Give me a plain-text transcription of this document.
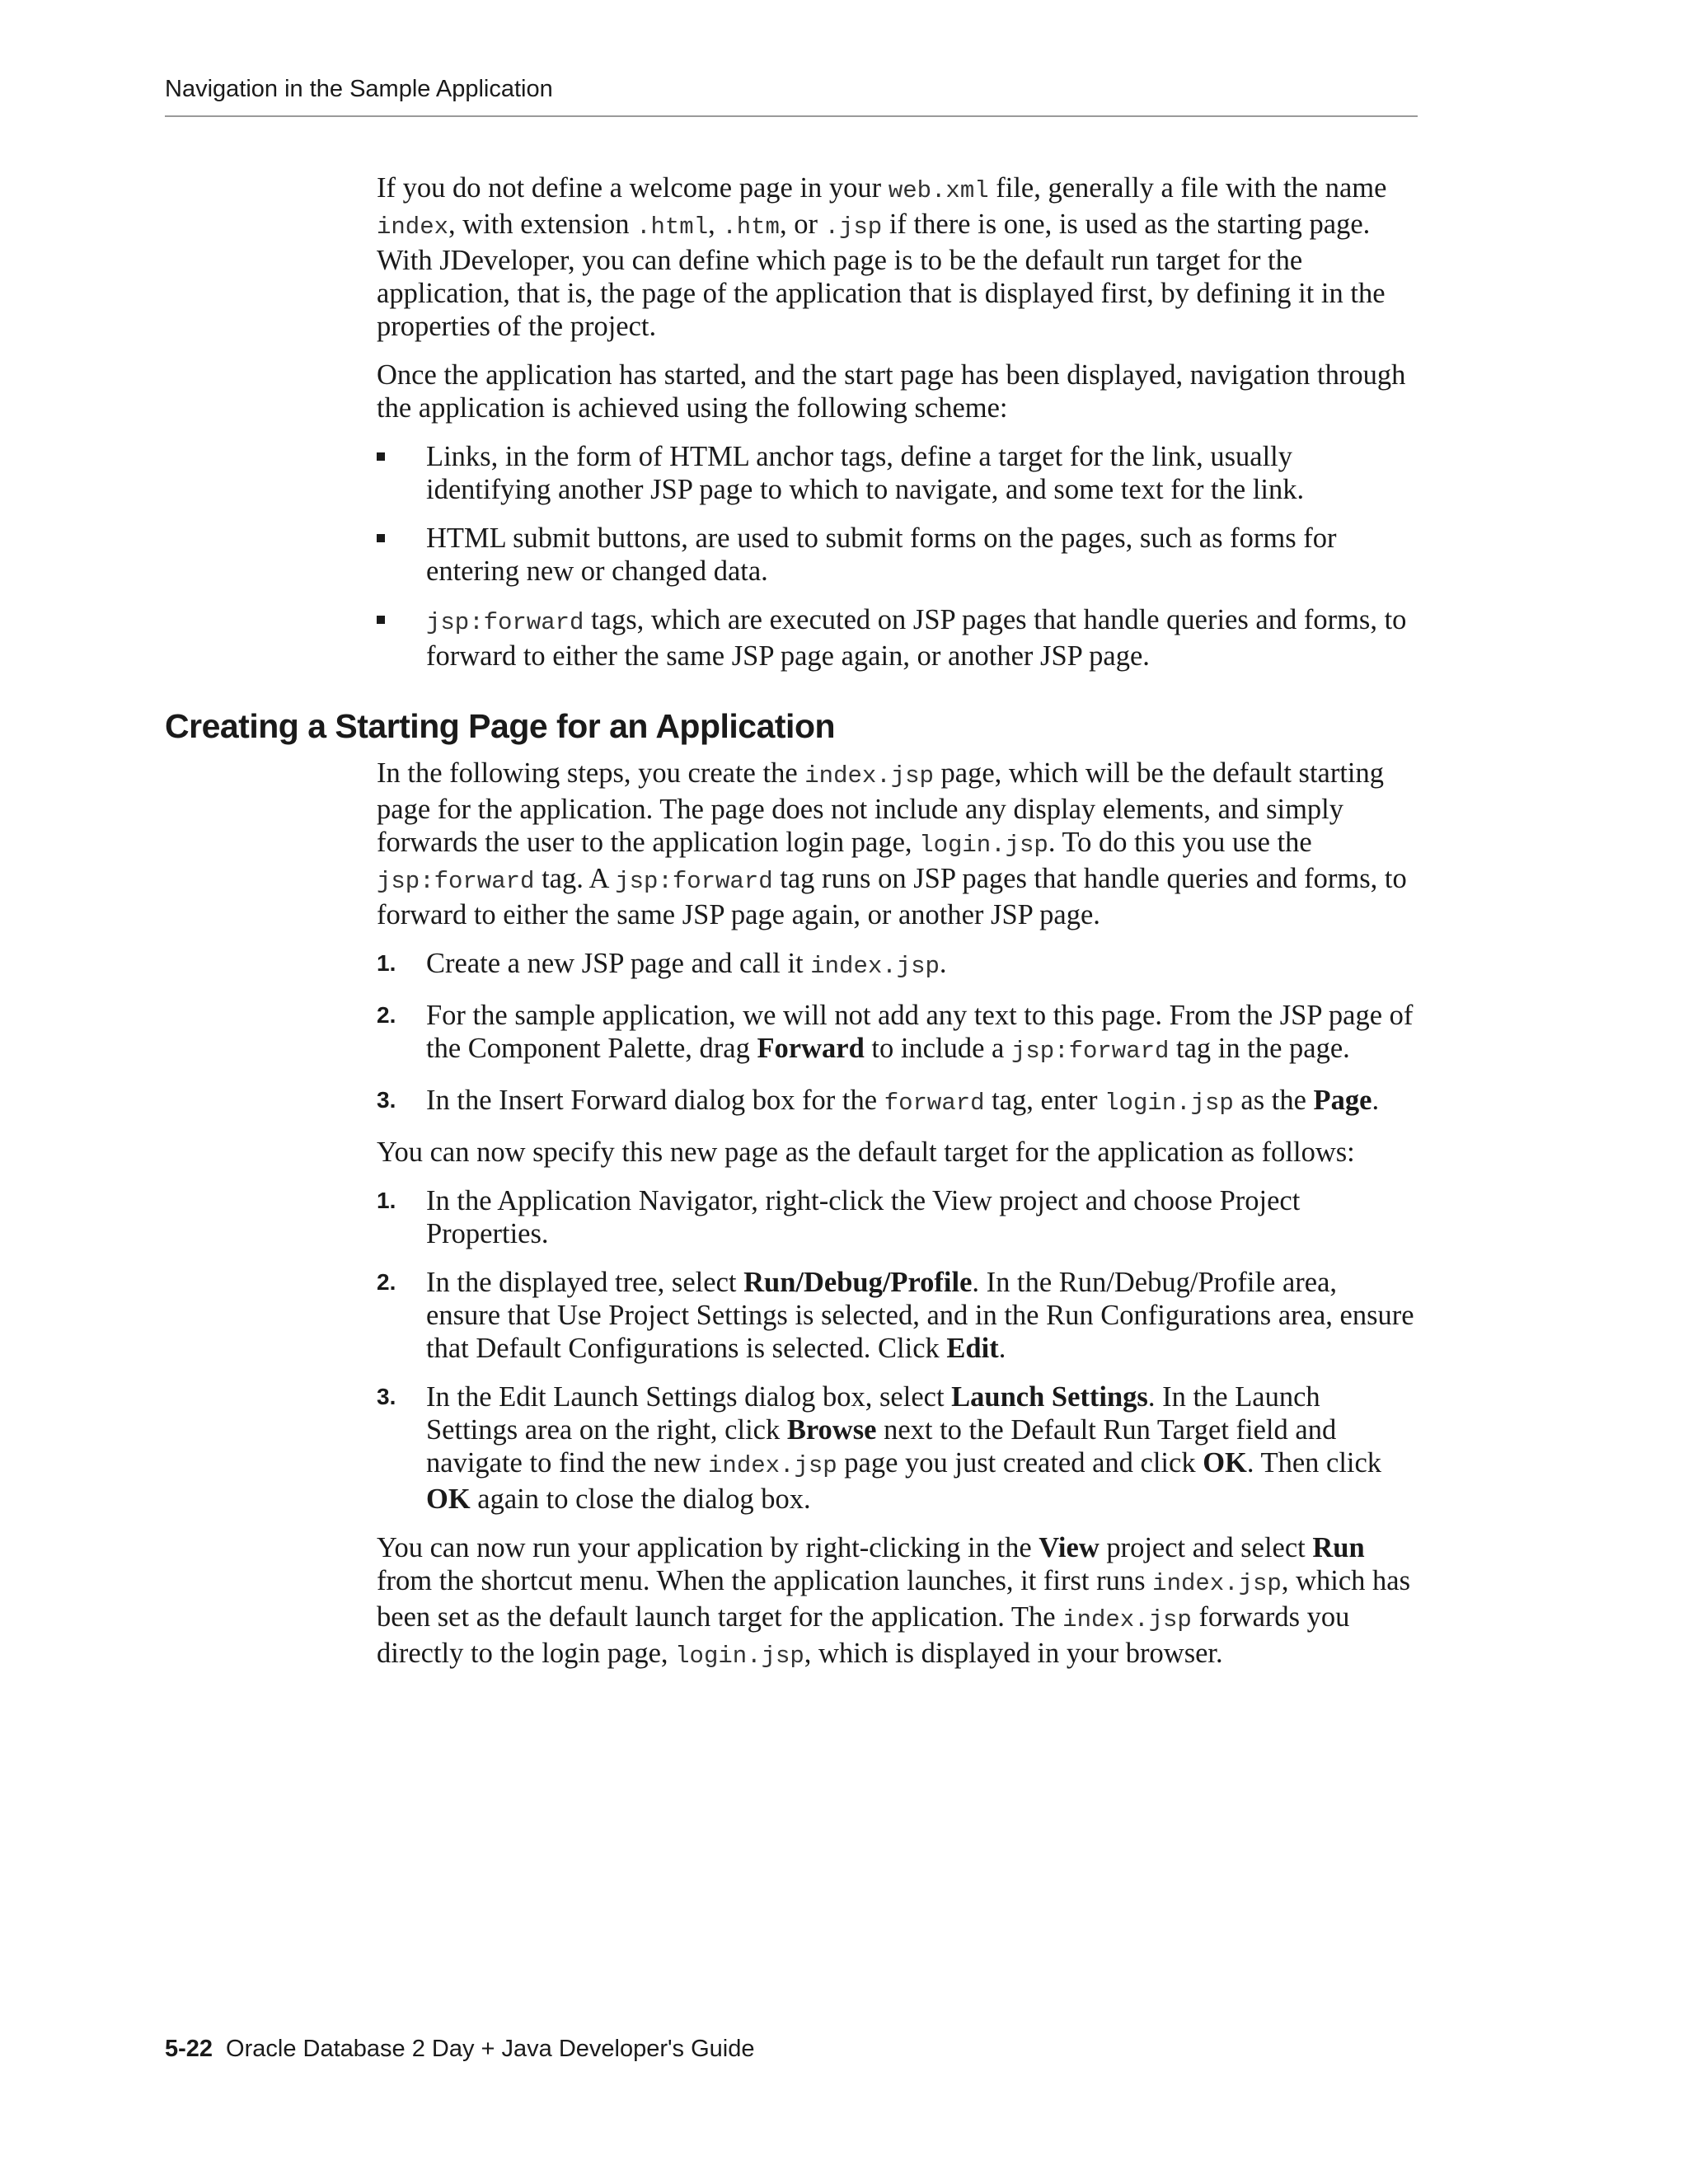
Navigation in the Sample Application

If you do not define a welcome page in your web.xml file, generally a file with the name index, with extension .html, .htm, or .jsp if there is one, is used as the starting page. With JDeveloper, you can define which page is to be the default run target for the application, that is, the page of the application that is displayed first, by defining it in the properties of the project.

Once the application has started, and the start page has been displayed, navigation through the application is achieved using the following scheme:

Links, in the form of HTML anchor tags, define a target for the link, usually identifying another JSP page to which to navigate, and some text for the link.
HTML submit buttons, are used to submit forms on the pages, such as forms for entering new or changed data.
jsp:forward tags, which are executed on JSP pages that handle queries and forms, to forward to either the same JSP page again, or another JSP page.
Creating a Starting Page for an Application

In the following steps, you create the index.jsp page, which will be the default starting page for the application. The page does not include any display elements, and simply forwards the user to the application login page, login.jsp. To do this you use the jsp:forward tag. A jsp:forward tag runs on JSP pages that handle queries and forms, to forward to either the same JSP page again, or another JSP page.

1. Create a new JSP page and call it index.jsp.
2. For the sample application, we will not add any text to this page. From the JSP page of the Component Palette, drag Forward to include a jsp:forward tag in the page.
3. In the Insert Forward dialog box for the forward tag, enter login.jsp as the Page.

You can now specify this new page as the default target for the application as follows:

1. In the Application Navigator, right-click the View project and choose Project Properties.
2. In the displayed tree, select Run/Debug/Profile. In the Run/Debug/Profile area, ensure that Use Project Settings is selected, and in the Run Configurations area, ensure that Default Configurations is selected. Click Edit.
3. In the Edit Launch Settings dialog box, select Launch Settings. In the Launch Settings area on the right, click Browse next to the Default Run Target field and navigate to find the new index.jsp page you just created and click OK. Then click OK again to close the dialog box.

You can now run your application by right-clicking in the View project and select Run from the shortcut menu. When the application launches, it first runs index.jsp, which has been set as the default launch target for the application. The index.jsp forwards you directly to the login page, login.jsp, which is displayed in your browser.

5-22 Oracle Database 2 Day + Java Developer's Guide
